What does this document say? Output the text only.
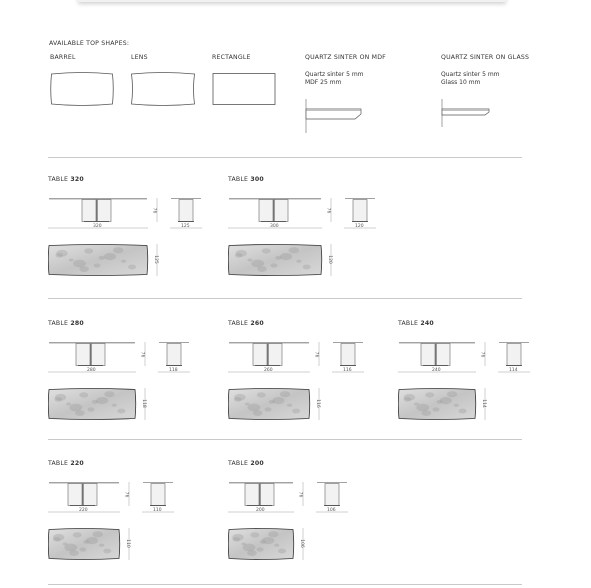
AVAILABLE TOP SHAPES:
BARREL	LENS	RECTANGLE	QUARTZ SINTER ON MDF
Quartz sinter 5 mm
MDF 25 mm
QUARTZ SINTER ON GLASS
Quartz sinter 5 mm
Glass 10 mm
TABLE 320
320
76
125
125
TABLE 300
300
76
120
120
TABLE 280
280
76
118
118
TABLE 260
260
76
116
116
TABLE 240
240
76
114
114
TABLE 220
220
76
110
110
TABLE 200
200
76
106
106
